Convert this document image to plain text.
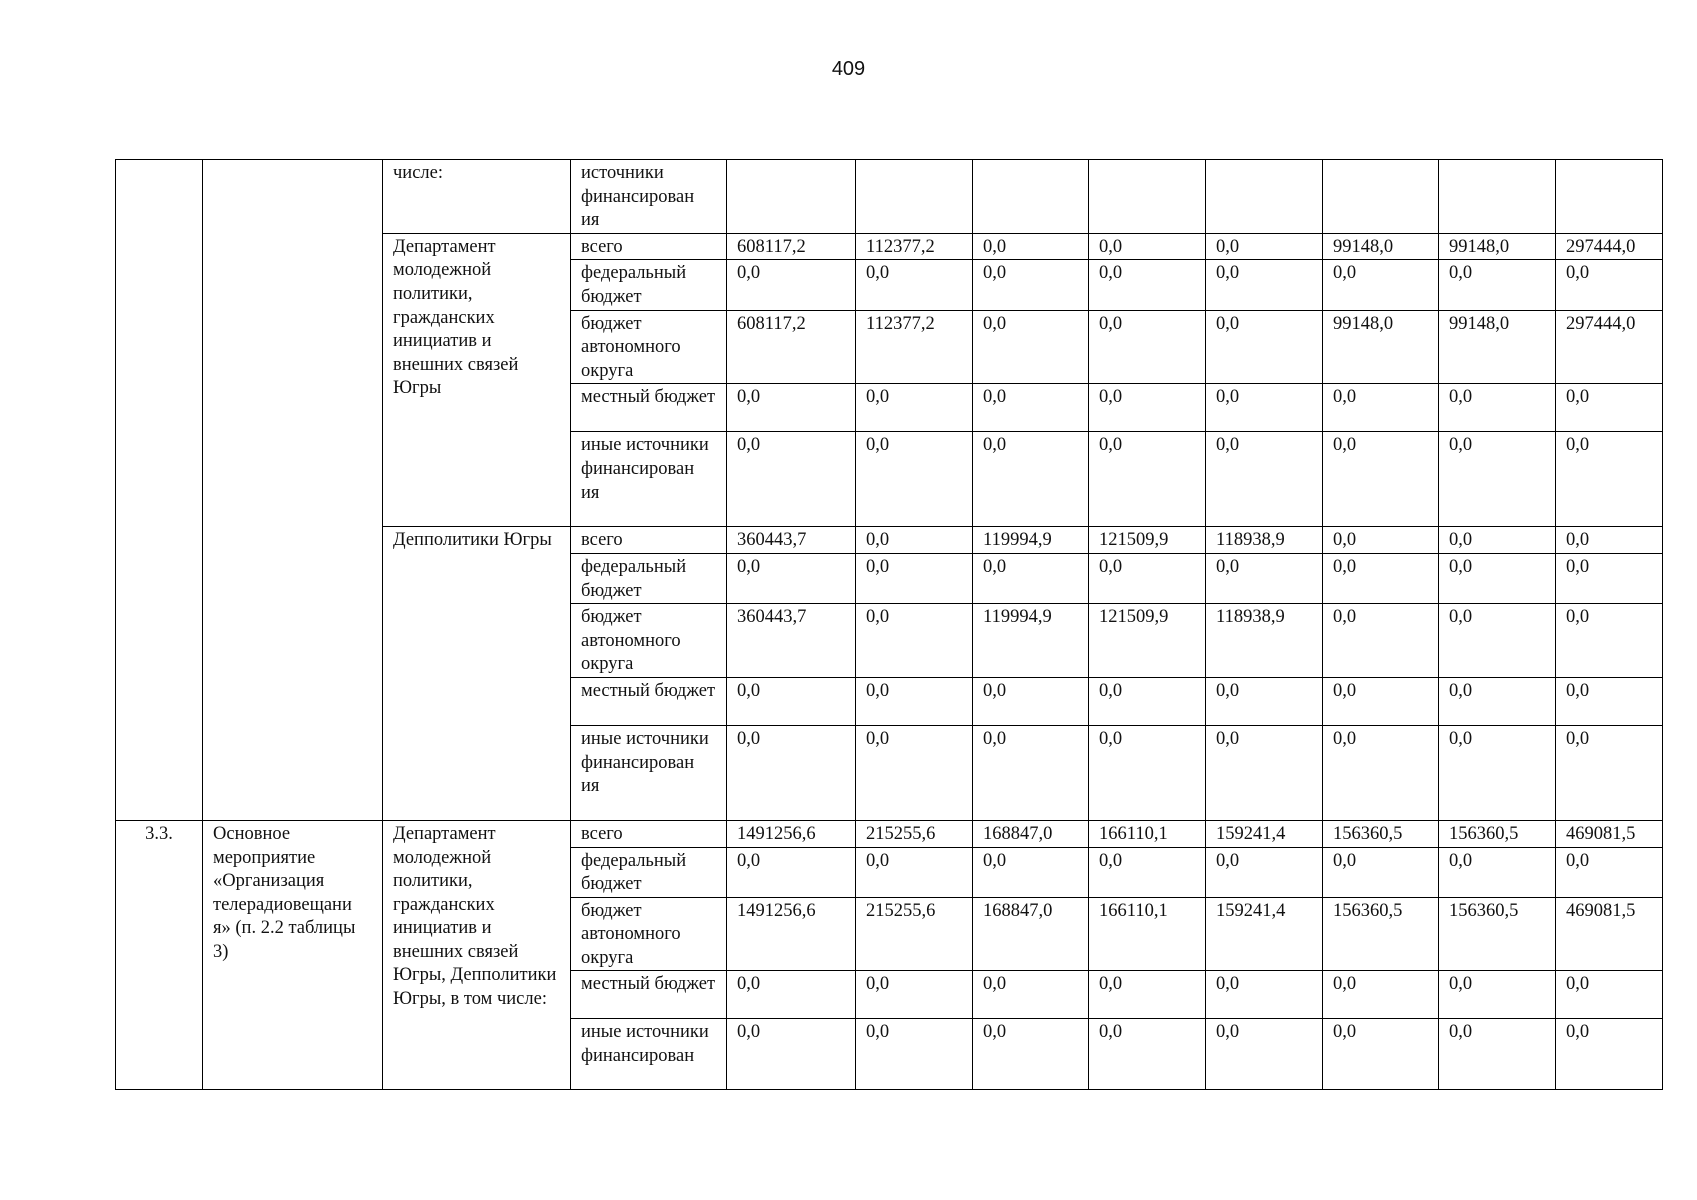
409
		числе:	источники финансирован ия								
		Департамент молодежной политики, гражданских инициатив и внешних связей Югры	всего	608117,2	112377,2	0,0	0,0	0,0	99148,0	99148,0	297444,0
			федеральный бюджет	0,0	0,0	0,0	0,0	0,0	0,0	0,0	0,0
			бюджет автономного округа	608117,2	112377,2	0,0	0,0	0,0	99148,0	99148,0	297444,0
			местный бюджет	0,0	0,0	0,0	0,0	0,0	0,0	0,0	0,0
			иные источники финансирован ия	0,0	0,0	0,0	0,0	0,0	0,0	0,0	0,0
		Депполитики Югры	всего	360443,7	0,0	119994,9	121509,9	118938,9	0,0	0,0	0,0
			федеральный бюджет	0,0	0,0	0,0	0,0	0,0	0,0	0,0	0,0
			бюджет автономного округа	360443,7	0,0	119994,9	121509,9	118938,9	0,0	0,0	0,0
			местный бюджет	0,0	0,0	0,0	0,0	0,0	0,0	0,0	0,0
			иные источники финансирован ия	0,0	0,0	0,0	0,0	0,0	0,0	0,0	0,0
3.3.	Основное мероприятие «Организация телерадиовещани я» (п. 2.2 таблицы 3)	Департамент молодежной политики, гражданских инициатив и внешних связей Югры, Депполитики Югры, в том числе:	всего	1491256,6	215255,6	168847,0	166110,1	159241,4	156360,5	156360,5	469081,5
			федеральный бюджет	0,0	0,0	0,0	0,0	0,0	0,0	0,0	0,0
			бюджет автономного округа	1491256,6	215255,6	168847,0	166110,1	159241,4	156360,5	156360,5	469081,5
			местный бюджет	0,0	0,0	0,0	0,0	0,0	0,0	0,0	0,0
			иные источники финансирован	0,0	0,0	0,0	0,0	0,0	0,0	0,0	0,0
